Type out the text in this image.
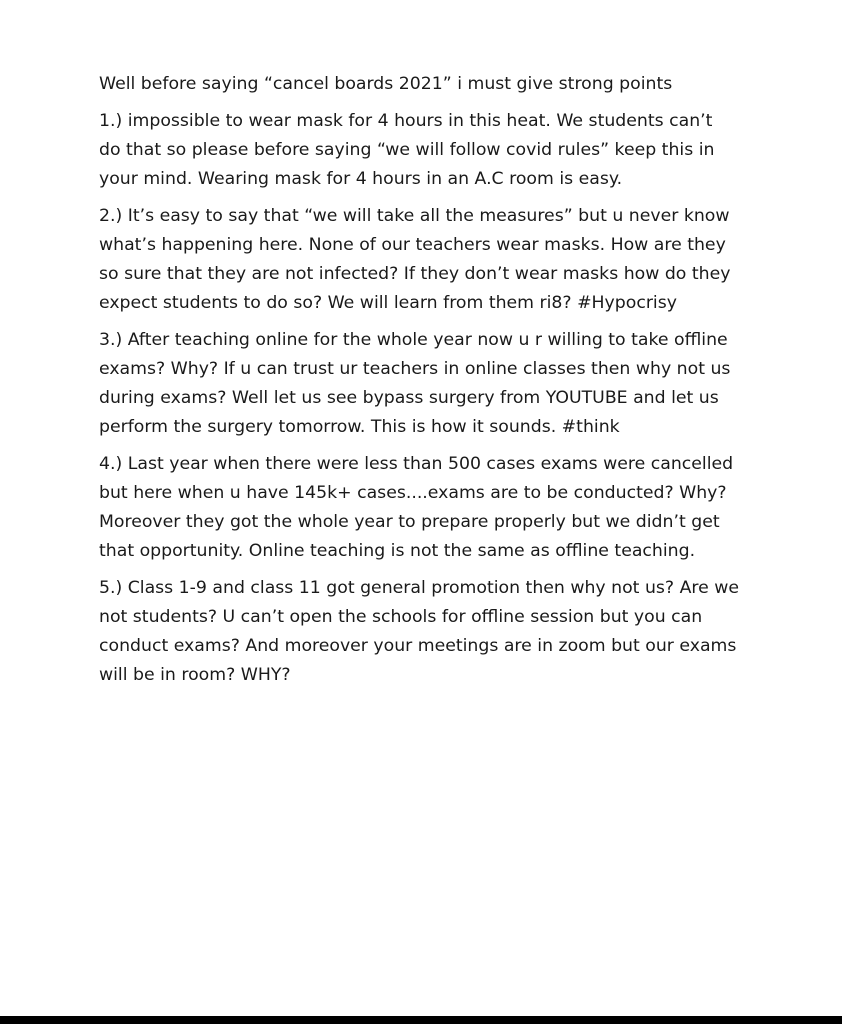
Well before saying “cancel boards 2021” i must give strong points

1.) impossible to wear mask for 4 hours in this heat. We students can’t do that so please before saying “we will follow covid rules” keep this in your mind. Wearing mask for 4 hours in an A.C room is easy.

2.) It’s easy to say that “we will take all the measures” but u never know what’s happening here. None of our teachers wear masks. How are they so sure that they are not infected? If they don’t wear masks how do they expect students to do so? We will learn from them ri8? #Hypocrisy

3.) After teaching online for the whole year now u r willing to take offline exams? Why? If u can trust ur teachers in online classes then why not us during exams? Well let us see bypass surgery from YOUTUBE and let us perform the surgery tomorrow. This is how it sounds. #think

4.) Last year when there were less than 500 cases exams were cancelled but here when u have 145k+ cases....exams are to be conducted? Why? Moreover they got the whole year to prepare properly but we didn’t get that opportunity. Online teaching is not the same as offline teaching.

5.) Class 1-9 and class 11 got general promotion then why not us? Are we not students? U can’t open the schools for offline session but you can conduct exams? And moreover your meetings are in zoom but our exams will be in room? WHY?
